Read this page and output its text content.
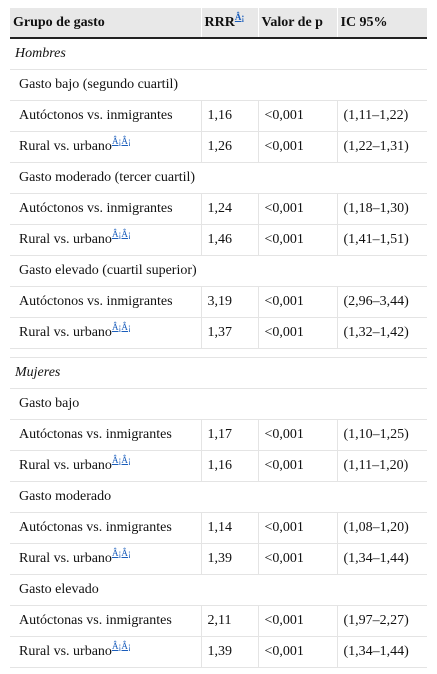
Grupo de gasto	$RRR^{Â¡}$	Valor de p	IC 95%
Hombres			
Gasto bajo (segundo cuartil)			
Autóctonos vs. inmigrantes	1,16	<0,001	(1,11–1,22)
Rural vs. urbano$^{Â¡Â¡}$	1,26	<0,001	(1,22–1,31)
Gasto moderado (tercer cuartil)			
Autóctonos vs. inmigrantes	1,24	<0,001	(1,18–1,30)
Rural vs. urbano$^{Â¡Â¡}$	1,46	<0,001	(1,41–1,51)
Gasto elevado (cuartil superior)			
Autóctonos vs. inmigrantes	3,19	<0,001	(2,96–3,44)
Rural vs. urbano$^{Â¡Â¡}$	1,37	<0,001	(1,32–1,42)

Mujeres			
Gasto bajo			
Autóctonas vs. inmigrantes	1,17	<0,001	(1,10–1,25)
Rural vs. urbano$^{Â¡Â¡}$	1,16	<0,001	(1,11–1,20)
Gasto moderado			
Autóctonas vs. inmigrantes	1,14	<0,001	(1,08–1,20)
Rural vs. urbano$^{Â¡Â¡}$	1,39	<0,001	(1,34–1,44)
Gasto elevado			
Autóctonas vs. inmigrantes	2,11	<0,001	(1,97–2,27)
Rural vs. urbano$^{Â¡Â¡}$	1,39	<0,001	(1,34–1,44)
